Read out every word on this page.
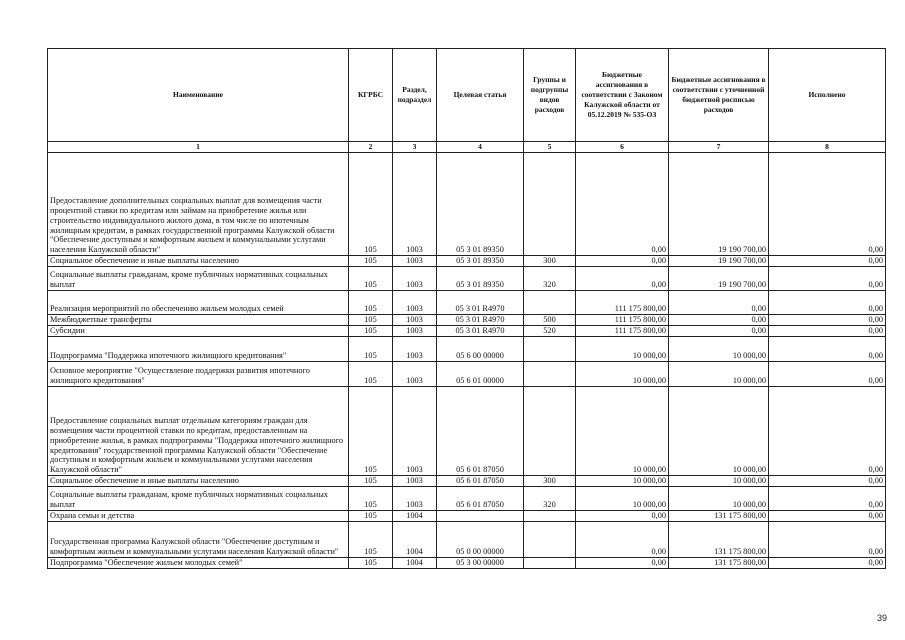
Наименование	КГРБС	Раздел, подраздел	Целевая статья	Группы и подгруппы видов расходов	Бюджетные ассигнования в соответствии с Законом Калужской области от 05.12.2019 № 535-ОЗ	Бюджетные ассигнования в соответствии с уточненной бюджетной росписью расходов	Исполнено
1	2	3	4	5	6	7	8
Предоставление дополнительных социальных выплат для возмещения части процентной ставки по кредитам или займам на приобретение жилья или строительство индивидуального жилого дома, в том числе по ипотечным жилищным кредитам, в рамках государственной программы Калужской области "Обеспечение доступным и комфортным жильем и коммунальными услугами населения Калужской области"	105	1003	05 3 01 89350		0,00	19 190 700,00	0,00
Социальное обеспечение и иные выплаты населению	105	1003	05 3 01 89350	300	0,00	19 190 700,00	0,00
Социальные выплаты гражданам, кроме публичных нормативных социальных выплат	105	1003	05 3 01 89350	320	0,00	19 190 700,00	0,00
Реализация мероприятий по обеспечению жильем молодых семей	105	1003	05 3 01 R4970		111 175 800,00	0,00	0,00
Межбюджетные трансферты	105	1003	05 3 01 R4970	500	111 175 800,00	0,00	0,00
Субсидии	105	1003	05 3 01 R4970	520	111 175 800,00	0,00	0,00
Подпрограмма "Поддержка ипотечного жилищного кредитования"	105	1003	05 6 00 00000		10 000,00	10 000,00	0,00
Основное мероприятие "Осуществление поддержки развития ипотечного жилищного кредитования"	105	1003	05 6 01 00000		10 000,00	10 000,00	0,00
Предоставление социальных выплат отдельным категориям граждан для возмещения части процентной ставки по кредитам, предоставленным на приобретение жилья, в рамках подпрограммы "Поддержка ипотечного жилищного кредитования" государственной программы Калужской области "Обеспечение доступным и комфортным жильем и коммунальными услугами населения Калужской области"	105	1003	05 6 01 87050		10 000,00	10 000,00	0,00
Социальное обеспечение и иные выплаты населению	105	1003	05 6 01 87050	300	10 000,00	10 000,00	0,00
Социальные выплаты гражданам, кроме публичных нормативных социальных выплат	105	1003	05 6 01 87050	320	10 000,00	10 000,00	0,00
Охрана семьи и детства	105	1004			0,00	131 175 800,00	0,00
Государственная программа Калужской области "Обеспечение доступным и комфортным жильем и коммунальными услугами населения Калужской области"	105	1004	05 0 00 00000		0,00	131 175 800,00	0,00
Подпрограмма "Обеспечение жильем молодых семей"	105	1004	05 3 00 00000		0,00	131 175 800,00	0,00
39
